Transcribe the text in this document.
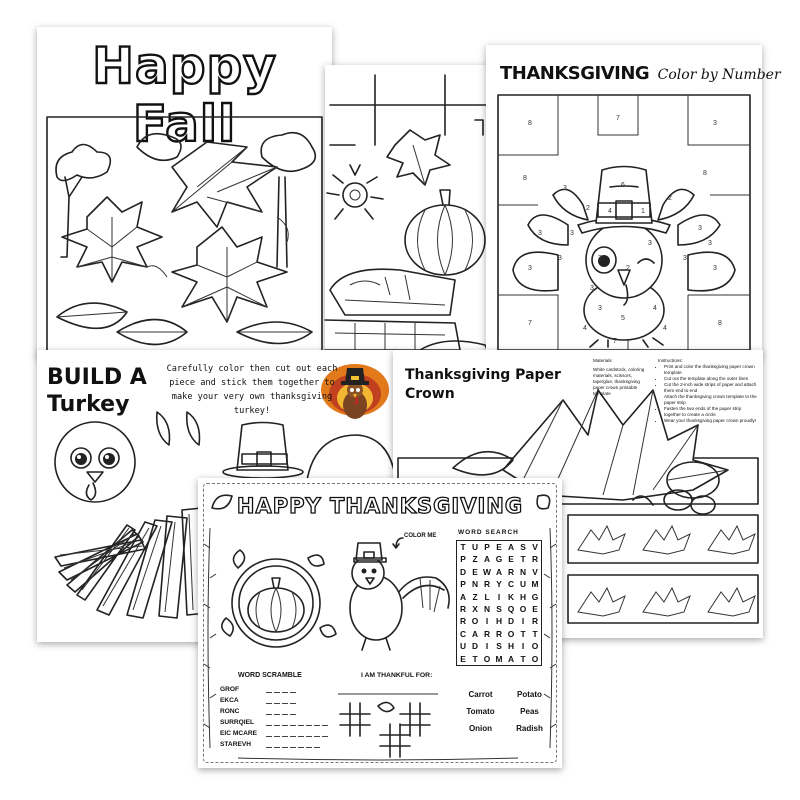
Happy Fall
THANKSGIVING Color by Number
8
7
3
8
3
2
3
3
3
2
3
3
3	6
4	1
3
5
3	4
3
3
3
4
4
2
3
8
7
7
8
BUILD A Turkey
Carefully color then cut out each piece and stick them together to make your very own thanksgiving turkey!
Thanksgiving Paper Crown
Materials
White cardstock, coloring materials, scissors, tape/glue, thanksgiving paper crown printable template
Instructions:
• Print and color the thanksgiving paper crown template
• Cut out the template along the outer lines
• Cut the 2-inch wide strips of paper and attach them end to end
• Attach the thanksgiving crown template to the paper strip
• Fasten the two ends of the paper strip together to create a circle
• Wear your thanksgiving paper crown proudly!
HAPPY THANKSGIVING
COLOR ME	WORD SEARCH
T U P E A S V
P Z A G E T R
D E W A R N V
P N R Y C U M
A Z L I K H G
R X N S Q O E
R O I H D I R
C A R R O T T
U D I S H I O
E T O M A T O
WORD SCRAMBLE
GROF
EKCA
RONC
SURRQIEL
EIC MCARE
STAREVH
I AM THANKFUL FOR:
Carrot	Potato
Tomato	Peas
Onion	Radish
